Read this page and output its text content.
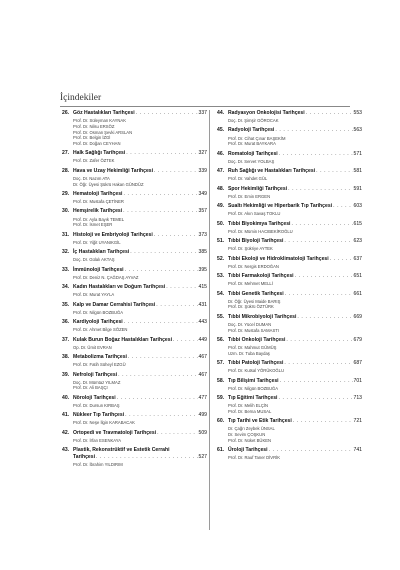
İçindekiler
26. Göz Hastalıkları Tarihçesi . . .	337
Prof. Dr. Süleyman KAYNAK
Prof. Dr. Nilsu ERSÖZ
Prof. Dr. Osman Şevki ARSLAN
Prof. Dr. Belgin İZGİ
Prof. Dr. Doğan CEYHAN
27. Halk Sağlığı Tarihçesi . . .	327
Prof. Dr. Zafer ÖZTEK
28. Hava ve Uzay Hekimliği Tarihçesi . . .	339
Doç. Dr. Nazım ATA
Dr. Öğr. Üyesi Şükrü Hakan GÜNDÜZ
29. Hematoloji Tarihçesi . . .	349
Prof. Dr. Mustafa ÇETİNER
30. Hemşirelik Tarihçesi . . .	357
Prof. Dr. Ayla Bayık TEMEL
Prof. Dr. İsmet EŞER
31. Histoloji ve Embriyoloji Tarihçesi . . .	373
Prof. Dr. Yiğit UYANIKGİL
32. İç Hastalıkları Tarihçesi . . .	385
Doç. Dr. Gülalı AKTAŞ
33. İmmünoloji Tarihçesi . . .	395
Prof. Dr. Deniz N. ÇAĞDAŞ AYVAZ
34. Kadın Hastalıkları ve Doğum Tarihçesi . . .	415
Prof. Dr. Murat YAYLA
35. Kalp ve Damar Cerrahisi Tarihçesi . . .	431
Prof. Dr. Nilgün BOZBUĞA
36. Kardiyoloji Tarihçesi . . .	443
Prof. Dr. Ahmet Bilge SÖZEN
37. Kulak Burun Boğaz Hastalıkları Tarihçesi . . .	449
Op. Dr. Ümit EVRAN
38. Metabolizma Tarihçesi . . .	467
Prof. Dr. Fatih Süheyl EZGÜ
39. Nefroloji Tarihçesi . . .	467
Doç. Dr. Mümtaz YILMAZ
Prof. Dr. Ali BAŞÇI
40. Nöroloji Tarihçesi . . .	477
Prof. Dr. Dursun KIRBAŞ
41. Nükleer Tıp Tarihçesi . . .	499
Prof. Dr. Neşe İlgin KARABACAK
42. Ortopedi ve Travmatoloji Tarihçesi . . .	509
Prof. Dr. İrfan ESENKAYA
43. Plastik, Rekonstrüktif ve Estetik Cerrahi
Tarihçesi . . .	527
Prof. Dr. İbrahim YILDIRIM
44. Radyasyon Onkolojisi Tarihçesi . . .	553
Doç. Dr. Şimşir GÖROCAK
45. Radyoloji Tarihçesi . . .	563
Prof. Dr. Cihat Çınar BAŞEKİM
Prof. Dr. Murat BAYKARA
46. Romatoloji Tarihçesi . . .	571
Doç. Dr. Servet YOLBAŞ
47. Ruh Sağlığı ve Hastalıkları Tarihçesi . . .	581
Prof. Dr. Vahdet GÜL
48. Spor Hekimliği Tarihçesi . . .	591
Prof. Dr. Emin ERGEN
49. Sualtı Hekimliği ve Hiperbarik Tıp Tarihçesi . . .	603
Prof. Dr. Akın Savaş TOKLU
50. Tıbbi Biyokimya Tarihçesi . . .	615
Prof. Dr. Mümin HACIBEKİROĞLU
51. Tıbbi Biyoloji Tarihçesi . . .	623
Prof. Dr. Şükriye AYTEK
52. Tıbbi Ekoloji ve Hidroklimatoloji Tarihçesi . . .	637
Prof. Dr. Nergis ERDOĞAN
53. Tıbbi Farmakoloji Tarihçesi . . .	651
Prof. Dr. Mehmet MELLİ
54. Tıbbi Genetik Tarihçesi . . .	661
Dr. Öğr. Üyesi Maide BARIŞ
Prof. Dr. Şükrü ÖZTÜRK
55. Tıbbi Mikrobiyoloji Tarihçesi . . .	669
Doç. Dr. Yücel DUMAN
Prof. Dr. Mustafa SAMASTI
56. Tıbbi Onkoloji Tarihçesi . . .	679
Prof. Dr. Mahmut GÜMÜŞ
Uzm. Dr. Tuba Baydaş
57. Tıbbi Patoloji Tarihçesi . . .	687
Prof. Dr. Kutsal YÖRÜKOĞLU
58. Tıp Bilişimi Tarihçesi . . .	701
Prof. Dr. Nilgün BOZBUĞA
59. Tıp Eğitimi Tarihçesi . . .	713
Prof. Dr. Melih ELÇİN
Prof. Dr. Berna MUSAL
60. Tıp Tarihi ve Etik Tarihçesi . . .	721
Dr. Çağrı Zeybek ÜNSAL
Dr. Sevim ÇOŞKUN
Prof. Dr. Nüket BÜKEN
61. Üroloji Tarihçesi . . .	741
Prof. Dr. Rauf Taner DİVRİK
